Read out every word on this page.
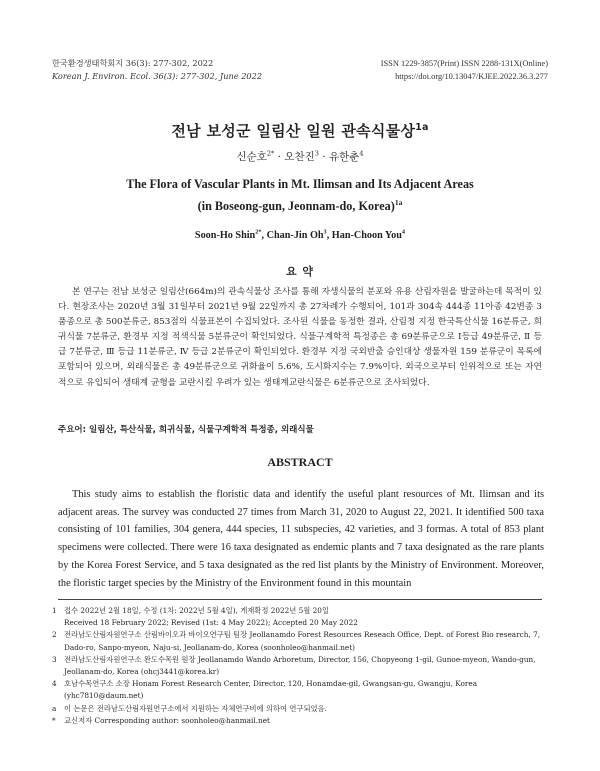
한국환경생태학회지 36(3): 277-302, 2022
Korean J. Environ. Ecol. 36(3): 277-302, June 2022
ISSN 1229-3857(Print) ISSN 2288-131X(Online)
https://doi.org/10.13047/KJEE.2022.36.3.277
전남 보성군 일림산 일원 관속식물상$^{1a}$
신순호$^{2*}$ · 오찬진$^3$ · 유한춘$^4$
The Flora of Vascular Plants in Mt. Ilimsan and Its Adjacent Areas
(in Boseong-gun, Jeonnam-do, Korea)$^{1a}$
Soon-Ho Shin$^{2*}$, Chan-Jin Oh$^3$, Han-Choon You$^4$
요 약

본 연구는 전남 보성군 일림산(664m)의 관속식물상 조사를 통해 자생식물의 분포와 유용 산림자원을 발굴하는데 목적이 있다. 현장조사는 2020년 3월 31일부터 2021년 9월 22일까지 총 27차례가 수행되어, 101과 304속 444종 11아종 42변종 3품종으로 총 500분류군, 853점의 식물표본이 수집되었다. 조사된 식물을 동정한 결과, 산림청 지정 한국특산식물 16분류군, 희귀식물 7분류군, 환경부 지정 적색식물 5분류군이 확인되었다. 식물구계학적 특정종은 총 69분류군으로 Ⅰ등급 49분류군, Ⅱ 등급 7분류군, Ⅲ 등급 11분류군, Ⅳ 등급 2분류군이 확인되었다. 환경부 지정 국외반출 승인대상 생물자원 159 분류군이 목록에 포함되어 있으며, 외래식물은 총 49분류군으로 귀화율이 5.6%, 도시화지수는 7.9%이다. 외국으로부터 인위적으로 또는 자연적으로 유입되어 생태계 균형을 교란시킬 우려가 있는 생태계교란식물은 6분류군으로 조사되었다.

주요어: 일림산, 특산식물, 희귀식물, 식물구계학적 특정종, 외래식물
ABSTRACT

This study aims to establish the floristic data and identify the useful plant resources of Mt. Ilimsan and its adjacent areas. The survey was conducted 27 times from March 31, 2020 to August 22, 2021. It identified 500 taxa consisting of 101 families, 304 genera, 444 species, 11 subspecies, 42 varieties, and 3 formas. A total of 853 plant specimens were collected. There were 16 taxa designated as endemic plants and 7 taxa designated as the rare plants by the Korea Forest Service, and 5 taxa designated as the red list plants by the Ministry of Environment. Moreover, the floristic target species by the Ministry of the Environment found in this mountain

1 접수 2022년 2월 18일, 수정 (1차: 2022년 5월 4일), 게재확정 2022년 5월 20일
Received 18 February 2022; Revised (1st: 4 May 2022); Accepted 20 May 2022
2 전라남도산림자원연구소 산림바이오과 바이오연구팀 팀장 Jeollanamdo Forest Resources Reseach Office, Dept. of Forest Bio research, 7, Dado-ro, Sanpo-myeon, Naju-si, Jeollanam-do, Korea (soonholeo@hanmail.net)
3 전라남도산림자원연구소 완도수목원 원장 Jeollanamdo Wando Arboretum, Director, 156, Chopyeong 1-gil, Gunoe-myeon, Wando-gun, Jeollanam-do, Korea (ohcj3441@korea.kr)
4 호남수목연구소 소장 Honam Forest Research Center, Director, 120, Honamdae-gil, Gwangsan-gu, Gwangju, Korea (yhc7810@daum.net)
a 이 논문은 전라남도산림자원연구소에서 지원하는 자체연구비에 의하여 연구되었음.
* 교신저자 Corresponding author: soonholeo@hanmail.net
